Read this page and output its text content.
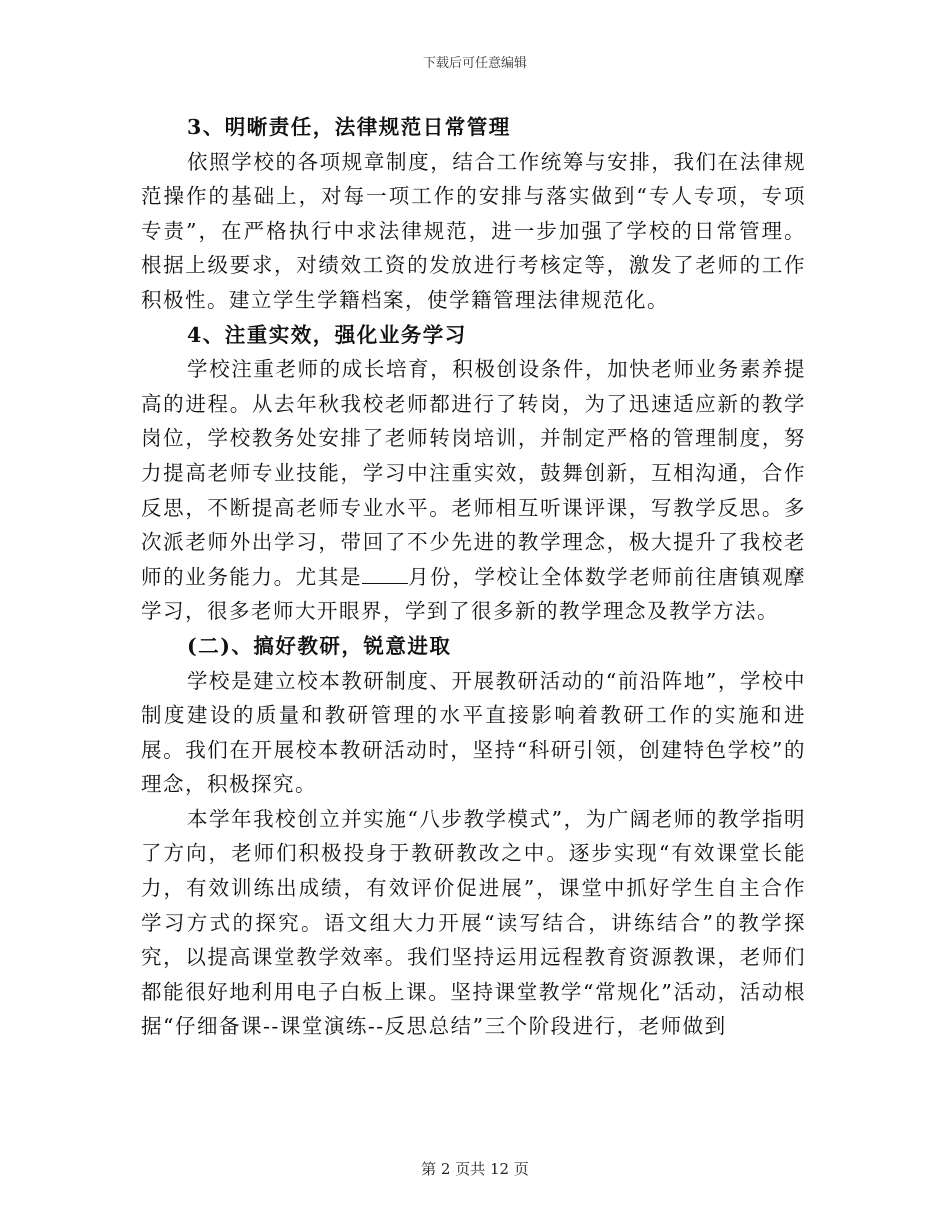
下载后可任意编辑

3、明晰责任，法律规范日常管理

依照学校的各项规章制度，结合工作统筹与安排，我们在法律规范操作的基础上，对每一项工作的安排与落实做到“专人专项，专项专责”，在严格执行中求法律规范，进一步加强了学校的日常管理。根据上级要求，对绩效工资的发放进行考核定等，激发了老师的工作积极性。建立学生学籍档案，使学籍管理法律规范化。

4、注重实效，强化业务学习

学校注重老师的成长培育，积极创设条件，加快老师业务素养提高的进程。从去年秋我校老师都进行了转岗，为了迅速适应新的教学岗位，学校教务处安排了老师转岗培训，并制定严格的管理制度，努力提高老师专业技能，学习中注重实效，鼓舞创新，互相沟通，合作反思，不断提高老师专业水平。老师相互听课评课，写教学反思。多次派老师外出学习，带回了不少先进的教学理念，极大提升了我校老师的业务能力。尤其是 月份，学校让全体数学老师前往唐镇观摩学习，很多老师大开眼界，学到了很多新的教学理念及教学方法。

(二)、搞好教研，锐意进取

学校是建立校本教研制度、开展教研活动的“前沿阵地”，学校中制度建设的质量和教研管理的水平直接影响着教研工作的实施和进展。我们在开展校本教研活动时，坚持“科研引领，创建特色学校”的理念，积极探究。

本学年我校创立并实施“八步教学模式”，为广阔老师的教学指明了方向，老师们积极投身于教研教改之中。逐步实现“有效课堂长能力，有效训练出成绩，有效评价促进展”，课堂中抓好学生自主合作学习方式的探究。语文组大力开展“读写结合，讲练结合”的教学探究，以提高课堂教学效率。我们坚持运用远程教育资源教课，老师们都能很好地利用电子白板上课。坚持课堂教学“常规化”活动，活动根据“仔细备课--课堂演练--反思总结”三个阶段进行，老师做到

第 2 页共 12 页
